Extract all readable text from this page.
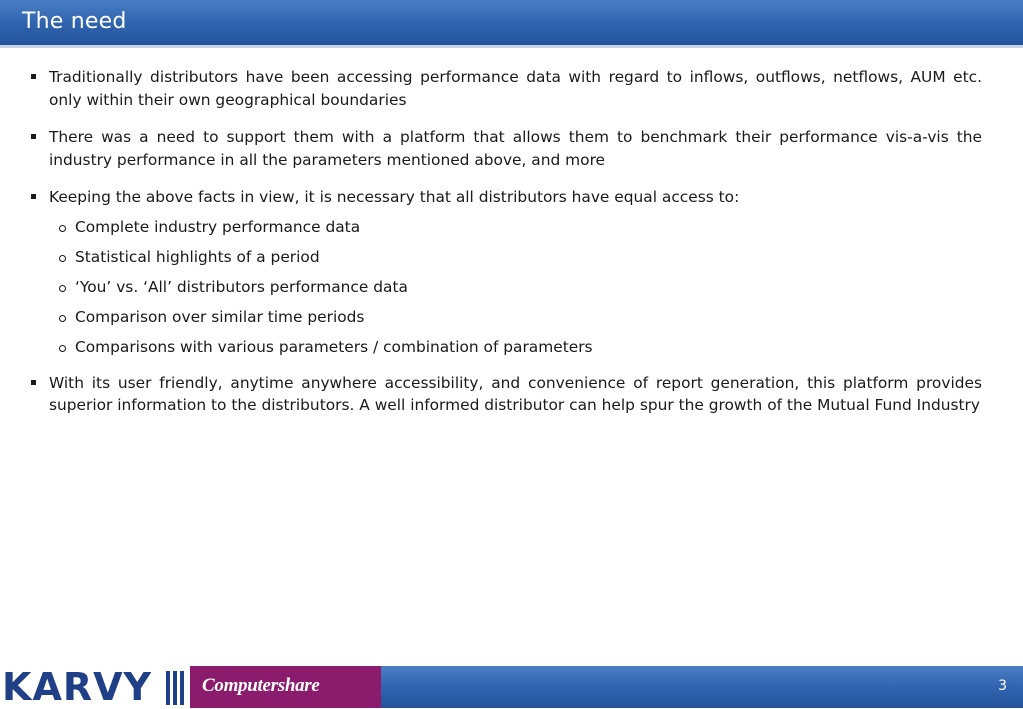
The need
Traditionally distributors have been accessing performance data with regard to inflows, outflows, netflows, AUM etc. only within their own geographical boundaries
There was a need to support them with a platform that allows them to benchmark their performance vis-a-vis the industry performance in all the parameters mentioned above, and more
Keeping the above facts in view, it is necessary that all distributors have equal access to:
Complete industry performance data
Statistical highlights of a period
‘You’ vs. ‘All’ distributors performance data
Comparison over similar time periods
Comparisons with various parameters / combination of parameters
With its user friendly, anytime anywhere accessibility, and convenience of report generation, this platform provides superior information to the distributors. A well informed distributor can help spur the growth of the Mutual Fund Industry
KARVY	Computershare	3
